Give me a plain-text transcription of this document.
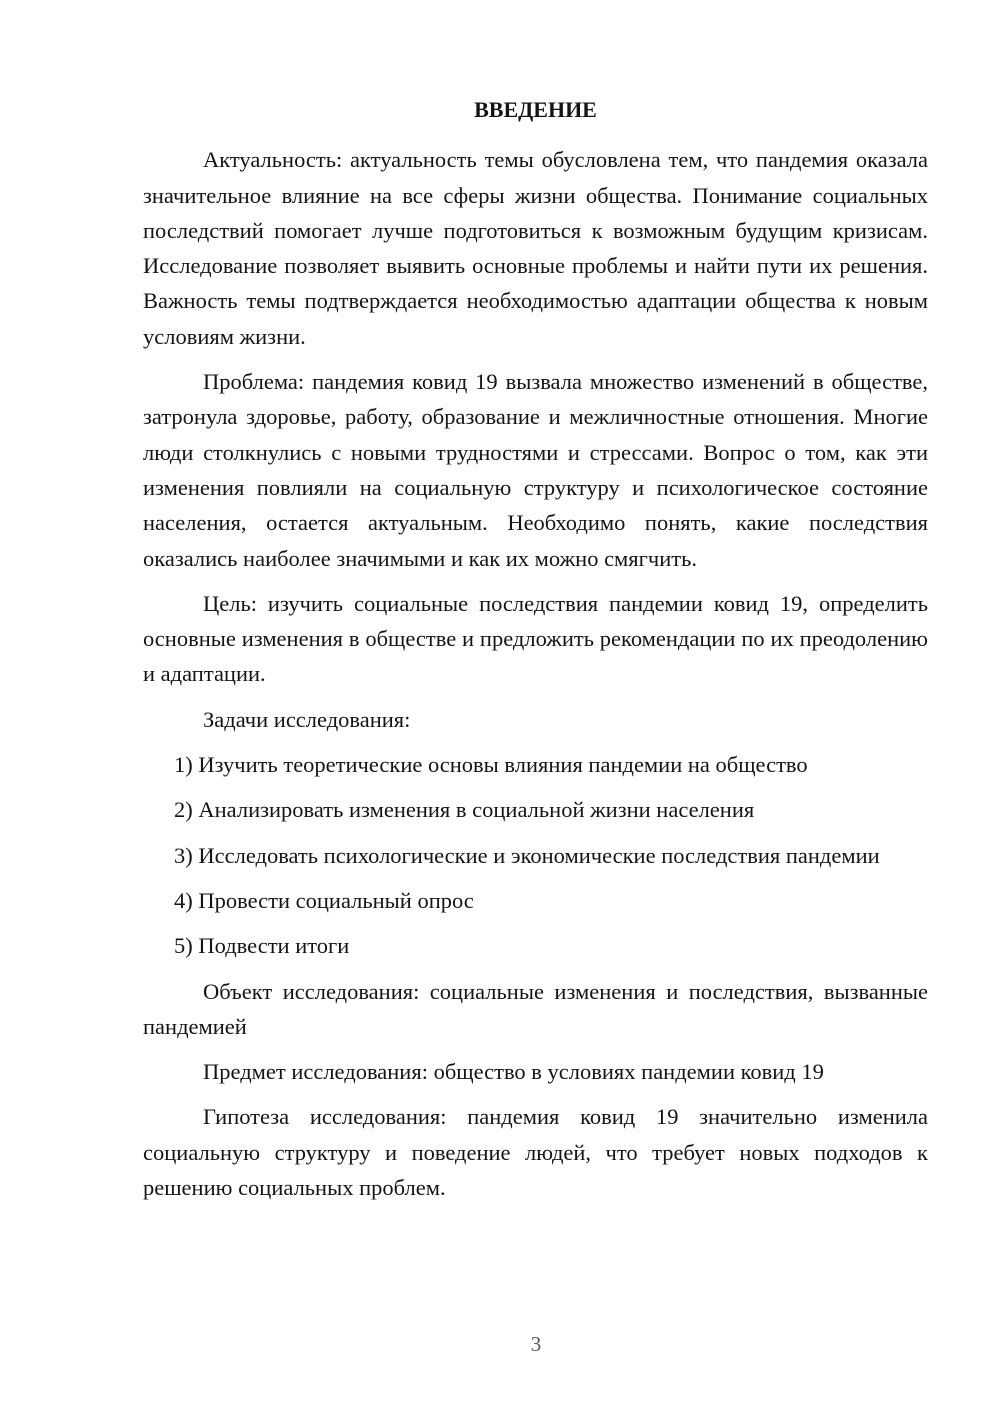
ВВЕДЕНИЕ

Актуальность: актуальность темы обусловлена тем, что пандемия оказала значительное влияние на все сферы жизни общества. Понимание социальных последствий помогает лучше подготовиться к возможным будущим кризисам. Исследование позволяет выявить основные проблемы и найти пути их решения. Важность темы подтверждается необходимостью адаптации общества к новым условиям жизни.

Проблема: пандемия ковид 19 вызвала множество изменений в обществе, затронула здоровье, работу, образование и межличностные отношения. Многие люди столкнулись с новыми трудностями и стрессами. Вопрос о том, как эти изменения повлияли на социальную структуру и психологическое состояние населения, остается актуальным. Необходимо понять, какие последствия оказались наиболее значимыми и как их можно смягчить.

Цель: изучить социальные последствия пандемии ковид 19, определить основные изменения в обществе и предложить рекомендации по их преодолению и адаптации.

Задачи исследования:

1) Изучить теоретические основы влияния пандемии на общество

2) Анализировать изменения в социальной жизни населения

3) Исследовать психологические и экономические последствия пандемии

4) Провести социальный опрос

5) Подвести итоги

Объект исследования: социальные изменения и последствия, вызванные пандемией

Предмет исследования: общество в условиях пандемии ковид 19

Гипотеза исследования: пандемия ковид 19 значительно изменила социальную структуру и поведение людей, что требует новых подходов к решению социальных проблем.

3
